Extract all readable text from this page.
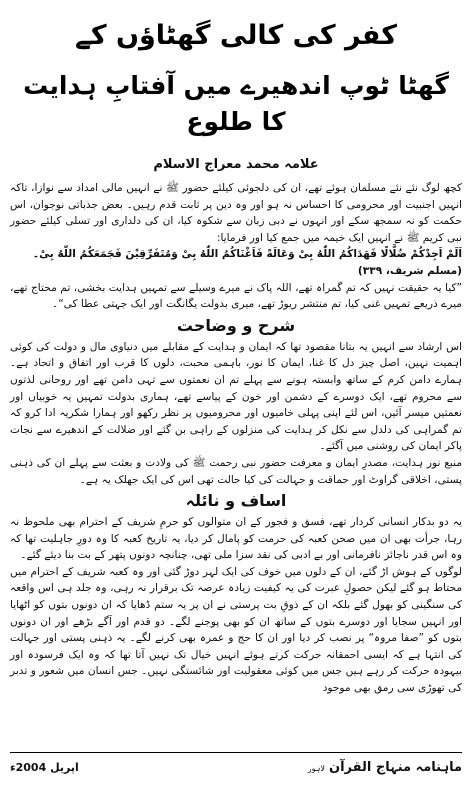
کفر کی کالی گھٹاؤں کے
گھٹا ٹوپ اندھیرے میں آفتابِ ہدایت کا طلوع
علامہ محمد معراج الاسلام

کچھ لوگ نئے نئے مسلمان ہوئے تھے، ان کی دلجوئی کیلئے حضور ﷺ نے انہیں مالی امداد سے نوازا، تاکہ انہیں اجنبیت اور محرومی کا احساس نہ ہو اور وہ دین پر ثابت قدم رہیں۔ بعض جذباتی نوجوان، اس حکمت کو نہ سمجھ سکے اور انہوں نے دبی زبان سے شکوہ کیا، ان کی دلداری اور تسلی کیلئے حضور نبی کریم ﷺ نے انہیں ایک خیمہ میں جمع کیا اور فرمایا:

اَلَمْ اَجِدْكُمْ ضُلَّالًا فَهَدَاكُمُ اللّٰهُ بِیْ وَعَالَةً فَاَغْنَاكُمُ اللّٰهُ بِیْ وَمُتَفَرِّقِیْنَ فَجَمَعَكُمُ اللّٰهُ بِیْ۔ (مسلم شریف، ۳۳۹)

”کیا یہ حقیقت نہیں کہ تم گمراہ تھے، اللہ پاک نے میرے وسیلے سے تمہیں ہدایت بخشی، تم محتاج تھے، میرے ذریعے تمہیں غنی کیا، تم منتشر ریوڑ تھے، میری بدولت یگانگت اور ایک جہتی عطا کی“۔

شرح و وضاحت

اس ارشاد سے انہیں یہ بتانا مقصود تھا کہ ایمان و ہدایت کے مقابلے میں دنیاوی مال و دولت کی کوئی اہمیت نہیں، اصل چیز دل کا غنا، ایمان کا نور، باہمی محبت، دلوں کا قرب اور اتفاق و اتحاد ہے۔ ہمارے دامن کرم کے ساتھ وابستہ ہونے سے پہلے تم ان نعمتوں سے تہی دامن تھے اور روحانی لذتوں سے محروم تھے، ایک دوسرے کے دشمن اور خون کے پیاسے تھے، ہماری بدولت تمہیں یہ خوبیاں اور نعمتیں میسر آئیں، اس لئے اپنی پہلی خامیوں اور محرومیوں پر نظر رکھو اور ہمارا شکریہ ادا کرو کہ تم گمراہی کی دلدل سے نکل کر ہدایت کی منزلوں کے راہی بن گئے اور ضلالت کے اندھیرے سے نجات پاکر ایمان کی روشنی میں آگئے۔

منبع نور ہدایت، مصدرِ ایمان و معرفت حضور نبی رحمت ﷺ کی ولادت و بعثت سے پہلے ان کی ذہنی پستی، اخلاقی گراوٹ اور حماقت و جہالت کی کیا حالت تھی اس کی ایک جھلک یہ ہے۔

اساف و نائلہ

یہ دو بدکار انسانی کردار تھے، فسق و فجور کے ان متوالوں کو حرمِ شریف کے احترام بھی ملحوظ نہ رہا، جرأت بھی ان میں صحن کعبہ کی حرمت کو پامال کر دیا، یہ تاریخ کعبہ کا وہ دورِ جاہلیت تھا کہ وہ اس قدر ناجائز نافرمانی اور بے ادبی کی نقد سزا ملی تھی، چنانچہ دونوں پتھر کے بت بنا دیئے گئے۔

لوگوں کے ہوش اڑ گئے، ان کے دلوں میں خوف کی ایک لہر دوڑ گئی اور وہ کعبہ شریف کے احترام میں محتاط ہو گئے لیکن حصولِ عبرت کی یہ کیفیت زیادہ عرصہ تک برقرار نہ رہی، وہ جلد ہی اس واقعہ کی سنگینی کو بھول گئے بلکہ ان کے ذوقِ بت پرستی نے ان پر یہ ستم ڈھایا کہ ان دونوں بتوں کو اٹھایا اور انہیں سجایا اور دوسرے بتوں کے ساتھ ان کو بھی پوجنے لگے۔ دو قدم اور آگے بڑھے اور ان دونوں بتوں کو ”صفا مروہ“ پر نصب کر دیا اور ان کا حج و عمرہ بھی کرنے لگے۔ یہ ذہنی پستی اور جہالت کی انتہا ہے کہ ایسی احمقانہ حرکت کرتے ہوئے انہیں خیال تک نہیں آتا تھا کہ وہ ایک فرسودہ اور بیہودہ حرکت کر رہے ہیں جس میں کوئی معقولیت اور شائستگی نہیں۔ جس انسان میں شعور و تدبر کی تھوڑی سی رمق بھی موجود

ماہنامہ منہاج القرآن
لاہور
اپریل 2004ء
